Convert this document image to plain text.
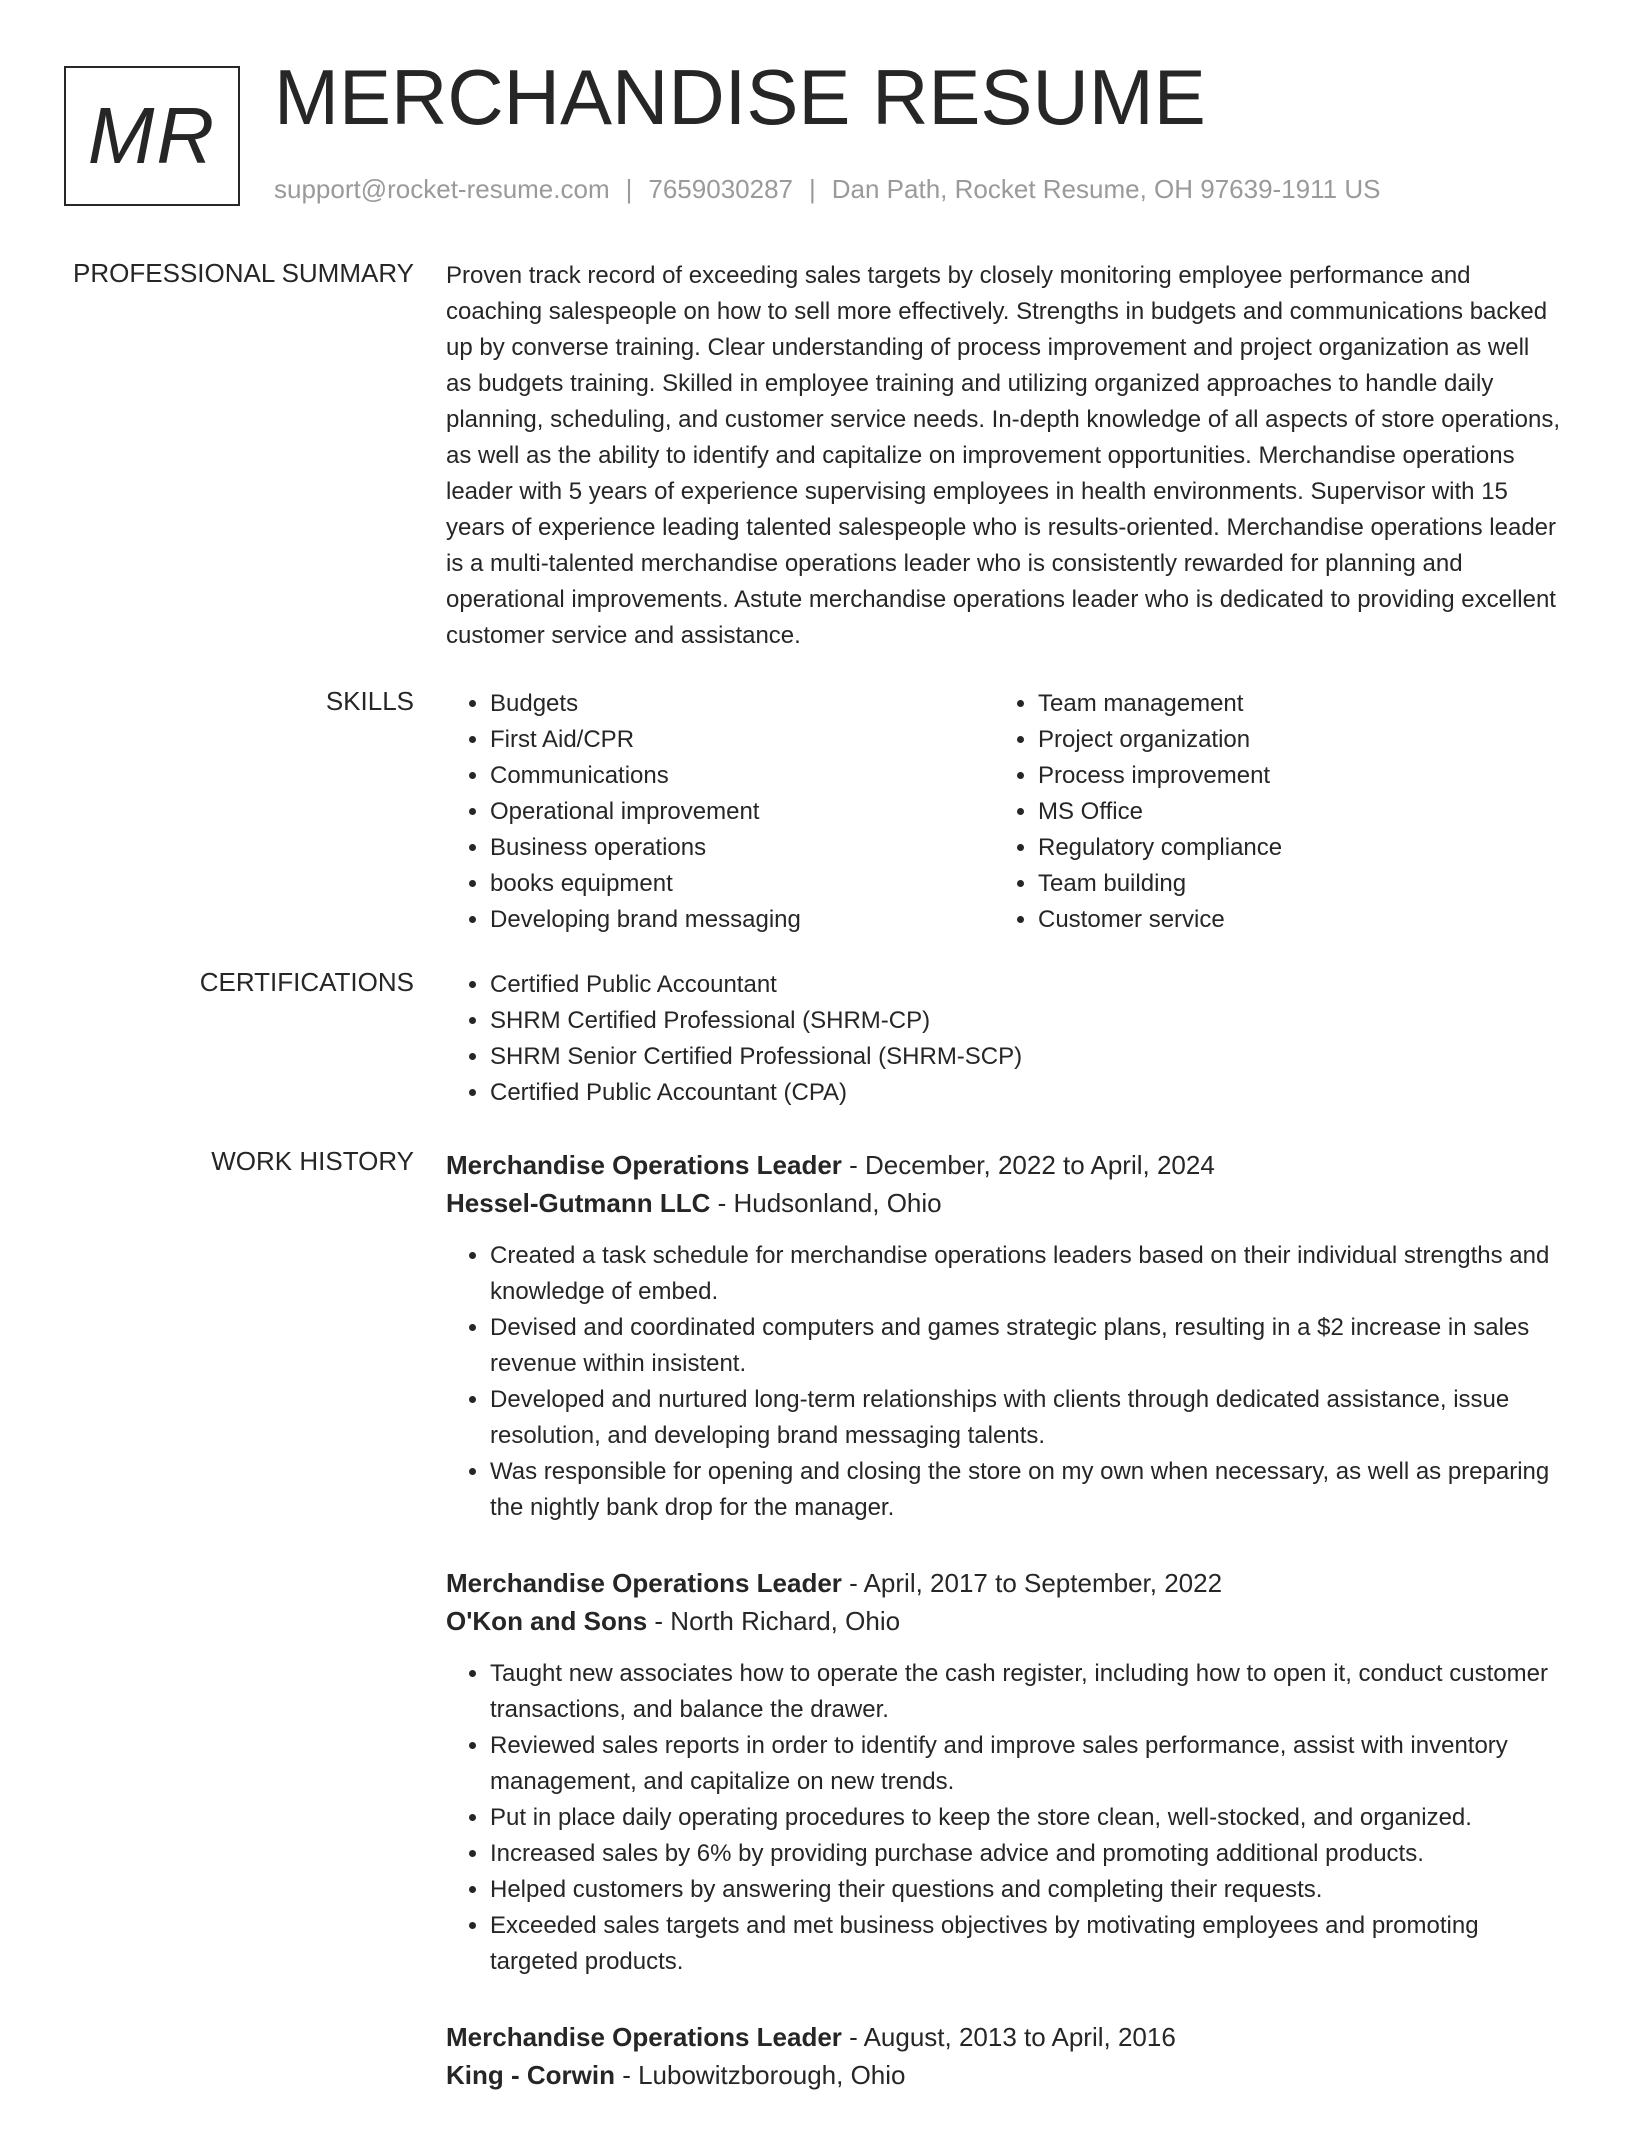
MR MERCHANDISE RESUME
support@rocket-resume.com | 7659030287 | Dan Path, Rocket Resume, OH 97639-1911 US
PROFESSIONAL SUMMARY Proven track record of exceeding sales targets by closely monitoring employee performance and coaching salespeople on how to sell more effectively. Strengths in budgets and communications backed up by converse training. Clear understanding of process improvement and project organization as well as budgets training. Skilled in employee training and utilizing organized approaches to handle daily planning, scheduling, and customer service needs. In-depth knowledge of all aspects of store operations, as well as the ability to identify and capitalize on improvement opportunities. Merchandise operations leader with 5 years of experience supervising employees in health environments. Supervisor with 15 years of experience leading talented salespeople who is results-oriented. Merchandise operations leader is a multi-talented merchandise operations leader who is consistently rewarded for planning and operational improvements. Astute merchandise operations leader who is dedicated to providing excellent customer service and assistance.

SKILLS	• Budgets
• First Aid/CPR
• Communications
• Operational improvement
• Business operations
• books equipment
• Developing brand messaging
• Team management
• Project organization
• Process improvement
• MS Office
• Regulatory compliance
• Team building
• Customer service
CERTIFICATIONS	• Certified Public Accountant
• SHRM Certified Professional (SHRM-CP)
• SHRM Senior Certified Professional (SHRM-SCP)
• Certified Public Accountant (CPA)
WORK HISTORY Merchandise Operations Leader - December, 2022 to April, 2024
Hessel-Gutmann LLC - Hudsonland, Ohio
• Created a task schedule for merchandise operations leaders based on their individual strengths and knowledge of embed.
• Devised and coordinated computers and games strategic plans, resulting in a $2 increase in sales revenue within insistent.
• Developed and nurtured long-term relationships with clients through dedicated assistance, issue resolution, and developing brand messaging talents.
• Was responsible for opening and closing the store on my own when necessary, as well as preparing the nightly bank drop for the manager.
Merchandise Operations Leader - April, 2017 to September, 2022
O'Kon and Sons - North Richard, Ohio
• Taught new associates how to operate the cash register, including how to open it, conduct customer transactions, and balance the drawer.
• Reviewed sales reports in order to identify and improve sales performance, assist with inventory management, and capitalize on new trends.
• Put in place daily operating procedures to keep the store clean, well-stocked, and organized.
• Increased sales by 6% by providing purchase advice and promoting additional products.
• Helped customers by answering their questions and completing their requests.
• Exceeded sales targets and met business objectives by motivating employees and promoting targeted products.
Merchandise Operations Leader - August, 2013 to April, 2016
King - Corwin - Lubowitzborough, Ohio
